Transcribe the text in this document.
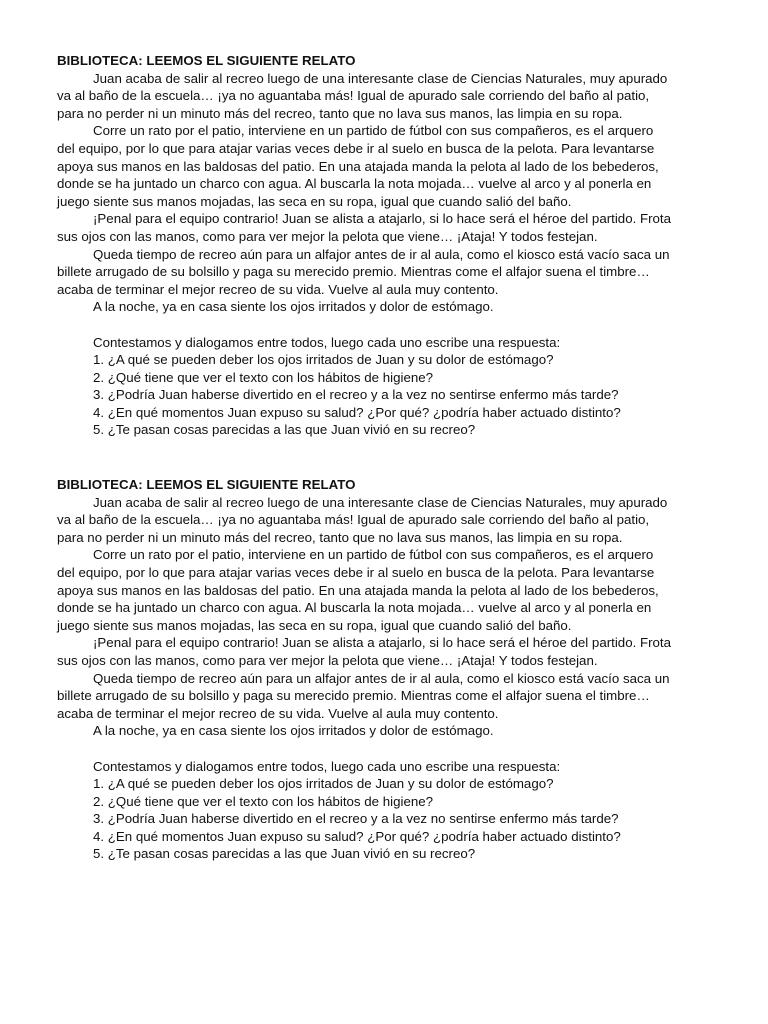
BIBLIOTECA: LEEMOS EL SIGUIENTE RELATO

Juan acaba de salir al recreo luego de una interesante clase de Ciencias Naturales, muy apurado
va al baño de la escuela… ¡ya no aguantaba más! Igual de apurado sale corriendo del baño al patio,
para no perder ni un minuto más del recreo, tanto que no lava sus manos, las limpia en su ropa.

Corre un rato por el patio, interviene en un partido de fútbol con sus compañeros, es el arquero
del equipo, por lo que para atajar varias veces debe ir al suelo en busca de la pelota. Para levantarse
apoya sus manos en las baldosas del patio. En una atajada manda la pelota al lado de los bebederos,
donde se ha juntado un charco con agua. Al buscarla la nota mojada… vuelve al arco y al ponerla en
juego siente sus manos mojadas, las seca en su ropa, igual que cuando salió del baño.

¡Penal para el equipo contrario! Juan se alista a atajarlo, si lo hace será el héroe del partido. Frota
sus ojos con las manos, como para ver mejor la pelota que viene… ¡Ataja! Y todos festejan.

Queda tiempo de recreo aún para un alfajor antes de ir al aula, como el kiosco está vacío saca un
billete arrugado de su bolsillo y paga su merecido premio. Mientras come el alfajor suena el timbre…
acaba de terminar el mejor recreo de su vida. Vuelve al aula muy contento.

A la noche, ya en casa siente los ojos irritados y dolor de estómago.

Contestamos y dialogamos entre todos, luego cada uno escribe una respuesta:

1. ¿A qué se pueden deber los ojos irritados de Juan y su dolor de estómago?
2. ¿Qué tiene que ver el texto con los hábitos de higiene?
3. ¿Podría Juan haberse divertido en el recreo y a la vez no sentirse enfermo más tarde?
4. ¿En qué momentos Juan expuso su salud? ¿Por qué? ¿podría haber actuado distinto?
5. ¿Te pasan cosas parecidas a las que Juan vivió en su recreo?

BIBLIOTECA: LEEMOS EL SIGUIENTE RELATO

Juan acaba de salir al recreo luego de una interesante clase de Ciencias Naturales, muy apurado
va al baño de la escuela… ¡ya no aguantaba más! Igual de apurado sale corriendo del baño al patio,
para no perder ni un minuto más del recreo, tanto que no lava sus manos, las limpia en su ropa.

Corre un rato por el patio, interviene en un partido de fútbol con sus compañeros, es el arquero
del equipo, por lo que para atajar varias veces debe ir al suelo en busca de la pelota. Para levantarse
apoya sus manos en las baldosas del patio. En una atajada manda la pelota al lado de los bebederos,
donde se ha juntado un charco con agua. Al buscarla la nota mojada… vuelve al arco y al ponerla en
juego siente sus manos mojadas, las seca en su ropa, igual que cuando salió del baño.

¡Penal para el equipo contrario! Juan se alista a atajarlo, si lo hace será el héroe del partido. Frota
sus ojos con las manos, como para ver mejor la pelota que viene… ¡Ataja! Y todos festejan.

Queda tiempo de recreo aún para un alfajor antes de ir al aula, como el kiosco está vacío saca un
billete arrugado de su bolsillo y paga su merecido premio. Mientras come el alfajor suena el timbre…
acaba de terminar el mejor recreo de su vida. Vuelve al aula muy contento.

A la noche, ya en casa siente los ojos irritados y dolor de estómago.

Contestamos y dialogamos entre todos, luego cada uno escribe una respuesta:

1. ¿A qué se pueden deber los ojos irritados de Juan y su dolor de estómago?
2. ¿Qué tiene que ver el texto con los hábitos de higiene?
3. ¿Podría Juan haberse divertido en el recreo y a la vez no sentirse enfermo más tarde?
4. ¿En qué momentos Juan expuso su salud? ¿Por qué? ¿podría haber actuado distinto?
5. ¿Te pasan cosas parecidas a las que Juan vivió en su recreo?
